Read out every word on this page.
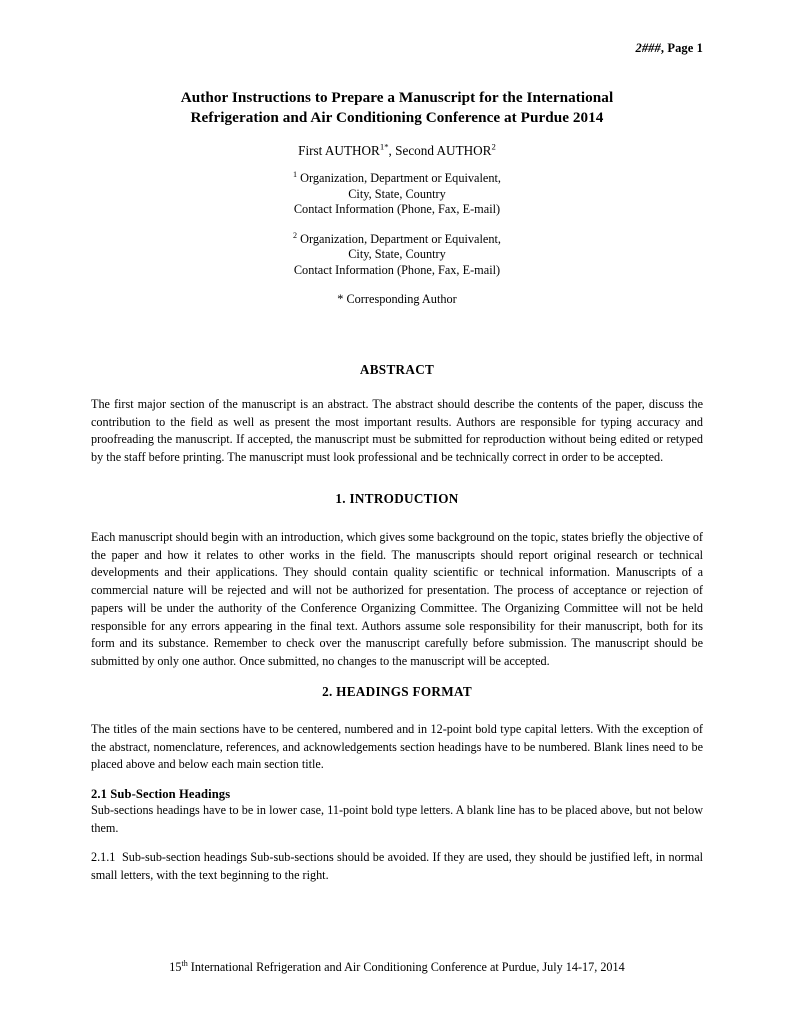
2###, Page 1
Author Instructions to Prepare a Manuscript for the International
Refrigeration and Air Conditioning Conference at Purdue 2014
First $AUTHOR^{1*}$, Second AUTHOR$^2$
$^1$ Organization, Department or Equivalent,
City, State, Country
Contact Information (Phone, Fax, E-mail)
$^2$ Organization, Department or Equivalent,
City, State, Country
Contact Information (Phone, Fax, E-mail)
* Corresponding Author
ABSTRACT
The first major section of the manuscript is an abstract. The abstract should describe the contents of the paper, discuss the contribution to the field as well as present the most important results. Authors are responsible for typing accuracy and proofreading the manuscript. If accepted, the manuscript must be submitted for reproduction without being edited or retyped by the staff before printing. The manuscript must look professional and be technically correct in order to be accepted.
1. INTRODUCTION
Each manuscript should begin with an introduction, which gives some background on the topic, states briefly the objective of the paper and how it relates to other works in the field. The manuscripts should report original research or technical developments and their applications. They should contain quality scientific or technical information. Manuscripts of a commercial nature will be rejected and will not be authorized for presentation. The process of acceptance or rejection of papers will be under the authority of the Conference Organizing Committee. The Organizing Committee will not be held responsible for any errors appearing in the final text. Authors assume sole responsibility for their manuscript, both for its form and its substance. Remember to check over the manuscript carefully before submission. The manuscript should be submitted by only one author. Once submitted, no changes to the manuscript will be accepted.
2. HEADINGS FORMAT
The titles of the main sections have to be centered, numbered and in 12-point bold type capital letters. With the exception of the abstract, nomenclature, references, and acknowledgements section headings have to be numbered. Blank lines need to be placed above and below each main section title.
2.1 Sub-Section Headings
Sub-sections headings have to be in lower case, 11-point bold type letters. A blank line has to be placed above, but not below them.
2.1.1 Sub-sub-section headings Sub-sub-sections should be avoided. If they are used, they should be justified left, in normal small letters, with the text beginning to the right.
15th International Refrigeration and Air Conditioning Conference at Purdue, July 14-17, 2014
